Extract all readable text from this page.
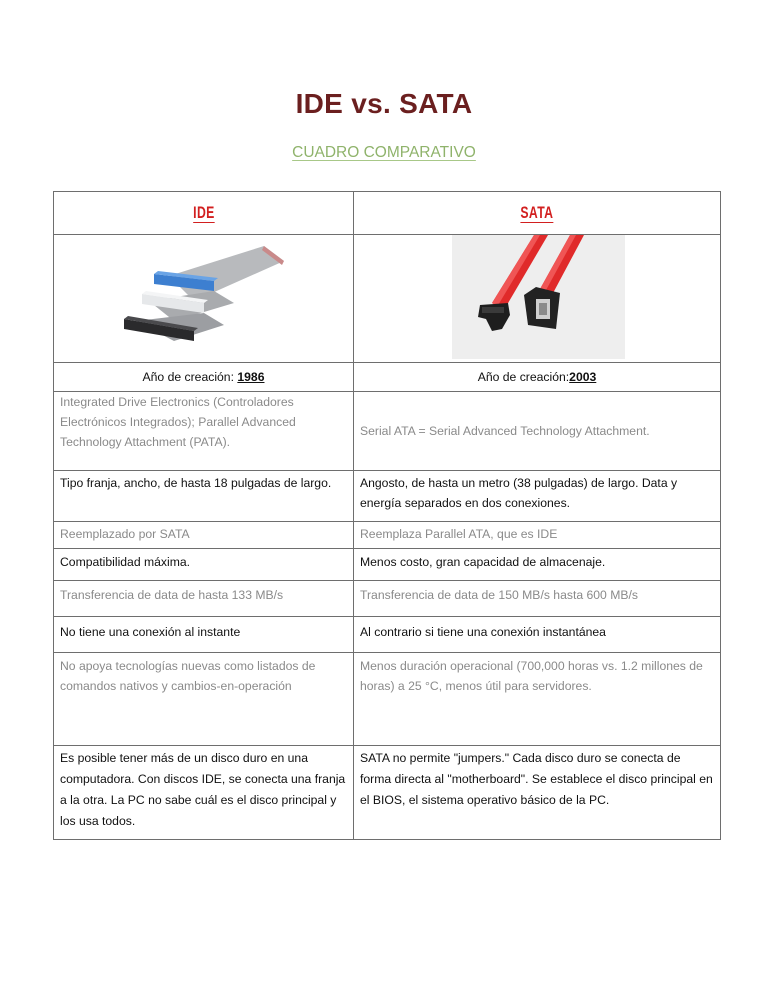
IDE vs. SATA
CUADRO COMPARATIVO
IDE	SATA

Año de creación: 1986	Año de creación:2003
Integrated Drive Electronics (Controladores Electrónicos Integrados); Parallel Advanced Technology Attachment (PATA).	Serial ATA = Serial Advanced Technology Attachment.
Tipo franja, ancho, de hasta 18 pulgadas de largo.	Angosto, de hasta un metro (38 pulgadas) de largo. Data y energía separados en dos conexiones.
Reemplazado por SATA	Reemplaza Parallel ATA, que es IDE
Compatibilidad máxima.	Menos costo, gran capacidad de almacenaje.
Transferencia de data de hasta 133 MB/s	Transferencia de data de 150 MB/s hasta 600 MB/s
No tiene una conexión al instante	Al contrario si tiene una conexión instantánea
No apoya tecnologías nuevas como listados de comandos nativos y cambios-en-operación	Menos duración operacional (700,000 horas vs. 1.2 millones de horas) a 25 °C, menos útil para servidores.
Es posible tener más de un disco duro en una computadora. Con discos IDE, se conecta una franja a la otra. La PC no sabe cuál es el disco principal y los usa todos.	SATA no permite "jumpers." Cada disco duro se conecta de forma directa al "motherboard". Se establece el disco principal en el BIOS, el sistema operativo básico de la PC.
